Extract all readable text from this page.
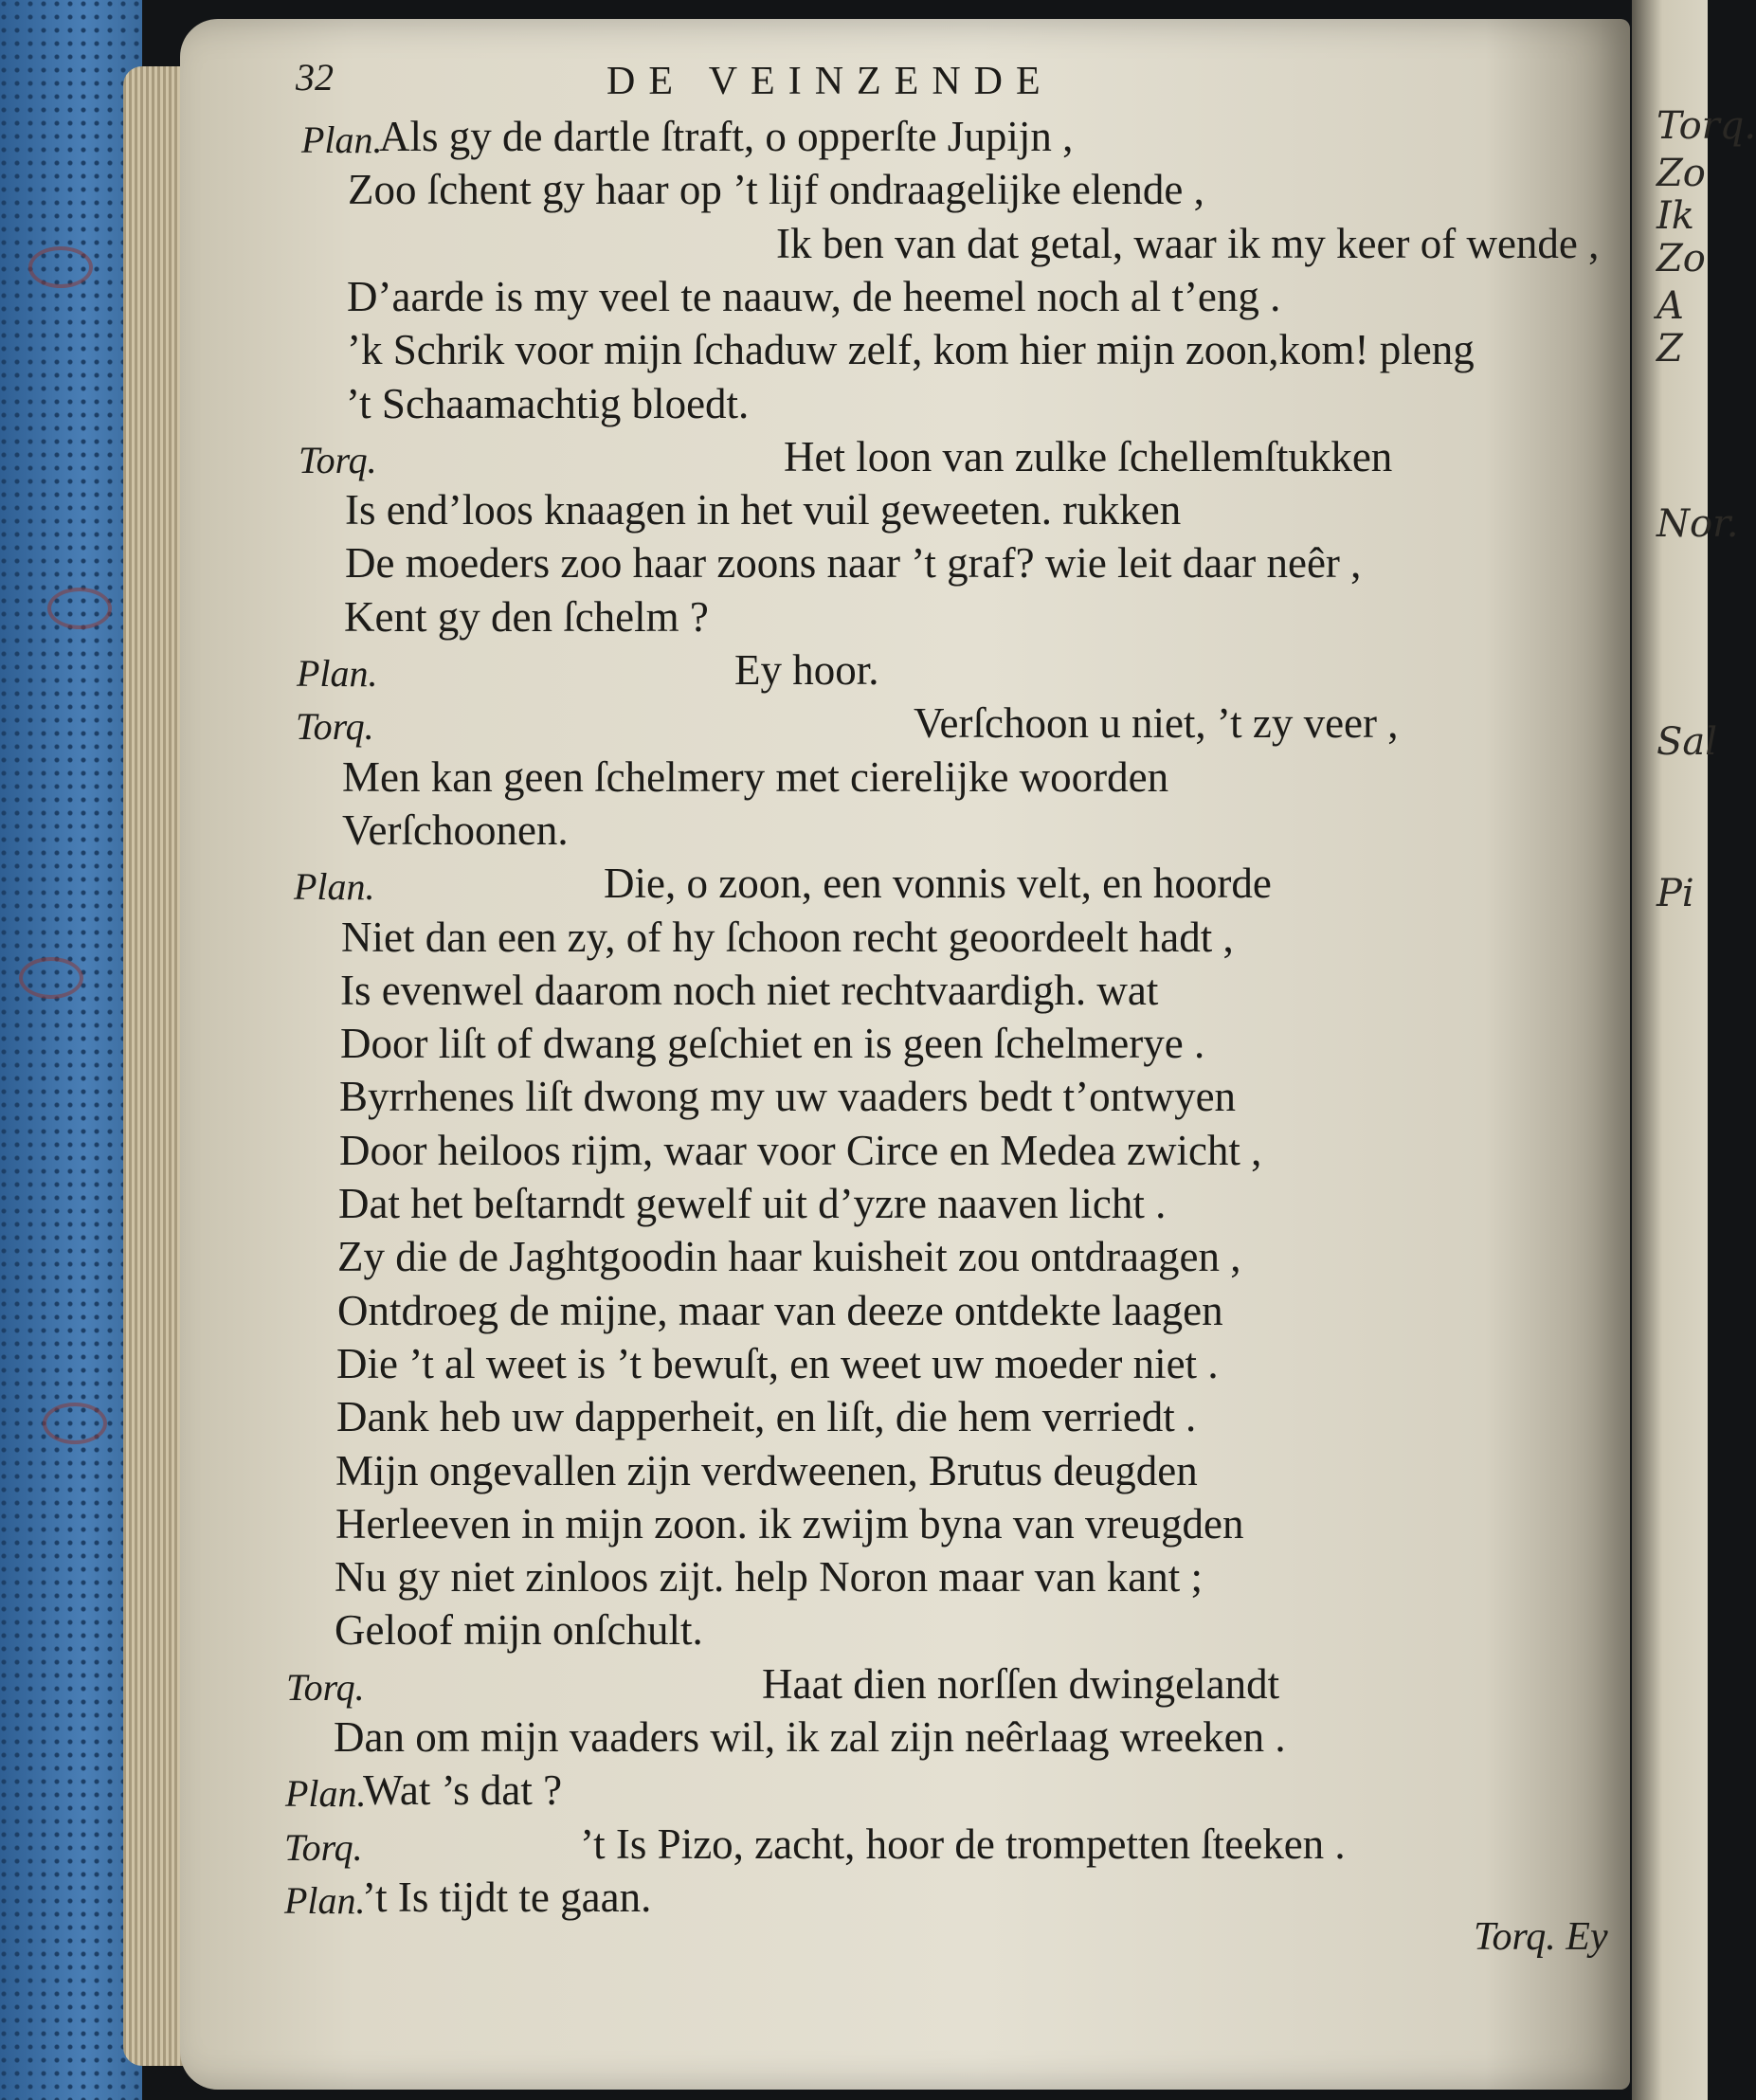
Torq.
Zo
Ik
Zo
A
Z
Nor.
Sal
Pi
32	DE VEINZENDE
Plan.
Als gy de dartle ſtraft, o opperſte Jupijn ,
Zoo ſchent gy haar op ’t lijf ondraagelijke elende ,
Ik ben van dat getal, waar ik my keer of wende ,
D’aarde is my veel te naauw, de heemel noch al t’eng .
’k Schrik voor mijn ſchaduw zelf, kom hier mijn zoon,kom! pleng
’t Schaamachtig bloedt.
Torq.	Het loon van zulke ſchellemſtukken
Is end’loos knaagen in het vuil geweeten. rukken
De moeders zoo haar zoons naar ’t graf? wie leit daar neêr ,
Kent gy den ſchelm ?
Plan.	Ey hoor.
Torq.	Verſchoon u niet, ’t zy veer ,
Men kan geen ſchelmery met cierelijke woorden
Verſchoonen.
Plan.	Die, o zoon, een vonnis velt, en hoorde
Niet dan een zy, of hy ſchoon recht geoordeelt hadt ,
Is evenwel daarom noch niet rechtvaardigh. wat
Door liſt of dwang geſchiet en is geen ſchelmerye .
Byrrhenes liſt dwong my uw vaaders bedt t’ontwyen
Door heiloos rijm, waar voor Circe en Medea zwicht ,
Dat het beſtarndt gewelf uit d’yzre naaven licht .
Zy die de Jaghtgoodin haar kuisheit zou ontdraagen ,
Ontdroeg de mijne, maar van deeze ontdekte laagen
Die ’t al weet is ’t bewuſt, en weet uw moeder niet .
Dank heb uw dapperheit, en liſt, die hem verriedt .
Mijn ongevallen zijn verdweenen, Brutus deugden
Herleeven in mijn zoon. ik zwijm byna van vreugden
Nu gy niet zinloos zijt. help Noron maar van kant ;
Geloof mijn onſchult.
Torq.	Haat dien norſſen dwingelandt
Dan om mijn vaaders wil, ik zal zijn neêrlaag wreeken .
Plan.
Wat ’s dat ?
Torq.	’t Is Pizo, zacht, hoor de trompetten ſteeken .
Plan.
’t Is tijdt te gaan.
Torq. Ey
